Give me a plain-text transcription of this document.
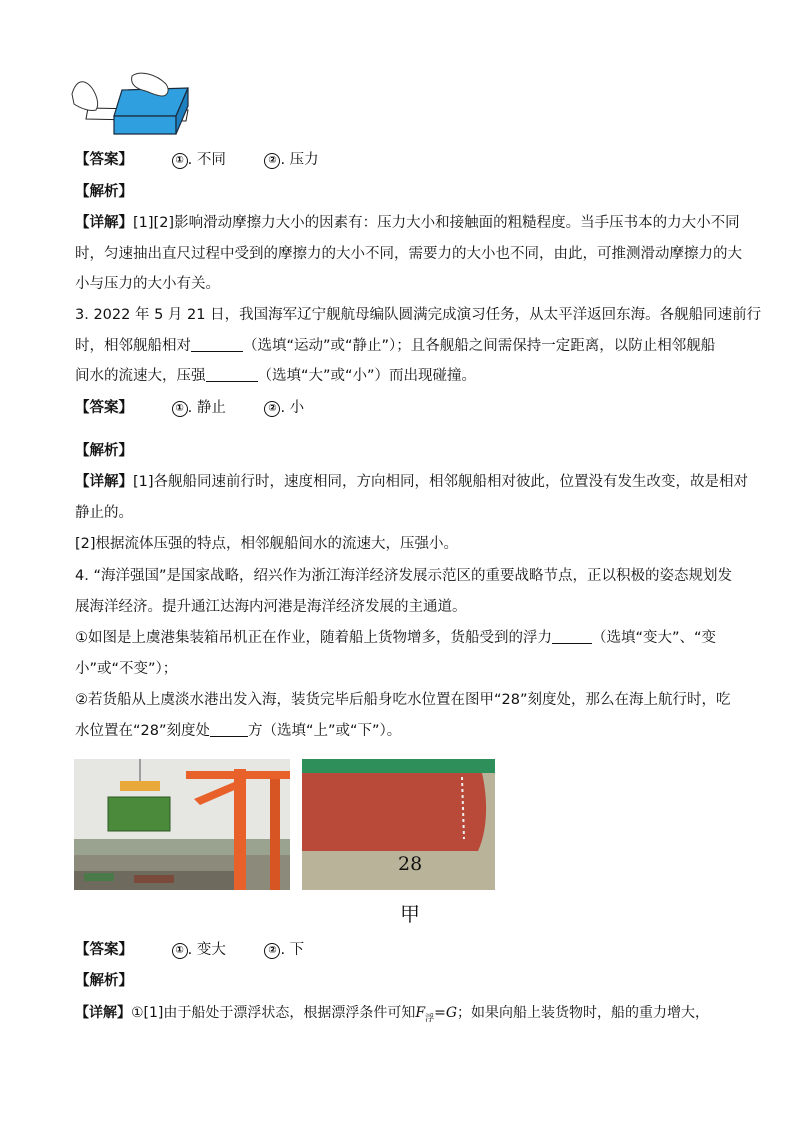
【答案】	① . 不同	② . 压力
【解析】
【详解】[1][2]影响滑动摩擦力大小的因素有：压力大小和接触面的粗糙程度。当手压书本的力大小不同
时，匀速抽出直尺过程中受到的摩擦力的大小不同，需要力的大小也不同，由此，可推测滑动摩擦力的大
小与压力的大小有关。
3. 2022 年 5 月 21 日，我国海军辽宁舰航母编队圆满完成演习任务，从太平洋返回东海。各舰船同速前行
时，相邻舰船相对	（选填“运动”或“静止”）；且各舰船之间需保持一定距离，以防止相邻舰船
间水的流速大，压强	（选填“大”或“小”）而出现碰撞。
【答案】	① . 静止	② . 小
【解析】
【详解】[1]各舰船同速前行时，速度相同，方向相同，相邻舰船相对彼此，位置没有发生改变，故是相对
静止的。
[2]根据流体压强的特点，相邻舰船间水的流速大，压强小。
4. “海洋强国”是国家战略，绍兴作为浙江海洋经济发展示范区的重要战略节点，正以积极的姿态规划发
展海洋经济。提升通江达海内河港是海洋经济发展的主通道。
①如图是上虞港集装箱吊机正在作业，随着船上货物增多，货船受到的浮力	（选填“变大”、“变
小”或“不变”）；
②若货船从上虞淡水港出发入海，装货完毕后船身吃水位置在图甲“28”刻度处，那么在海上航行时，吃
水位置在“28”刻度处	方（选填“上”或“下”）。
28
甲
【答案】	① . 变大	② . 下
【解析】
【详解】①[1]由于船处于漂浮状态，根据漂浮条件可知$F_浮=G$；如果向船上装货物时，船的重力增大，
